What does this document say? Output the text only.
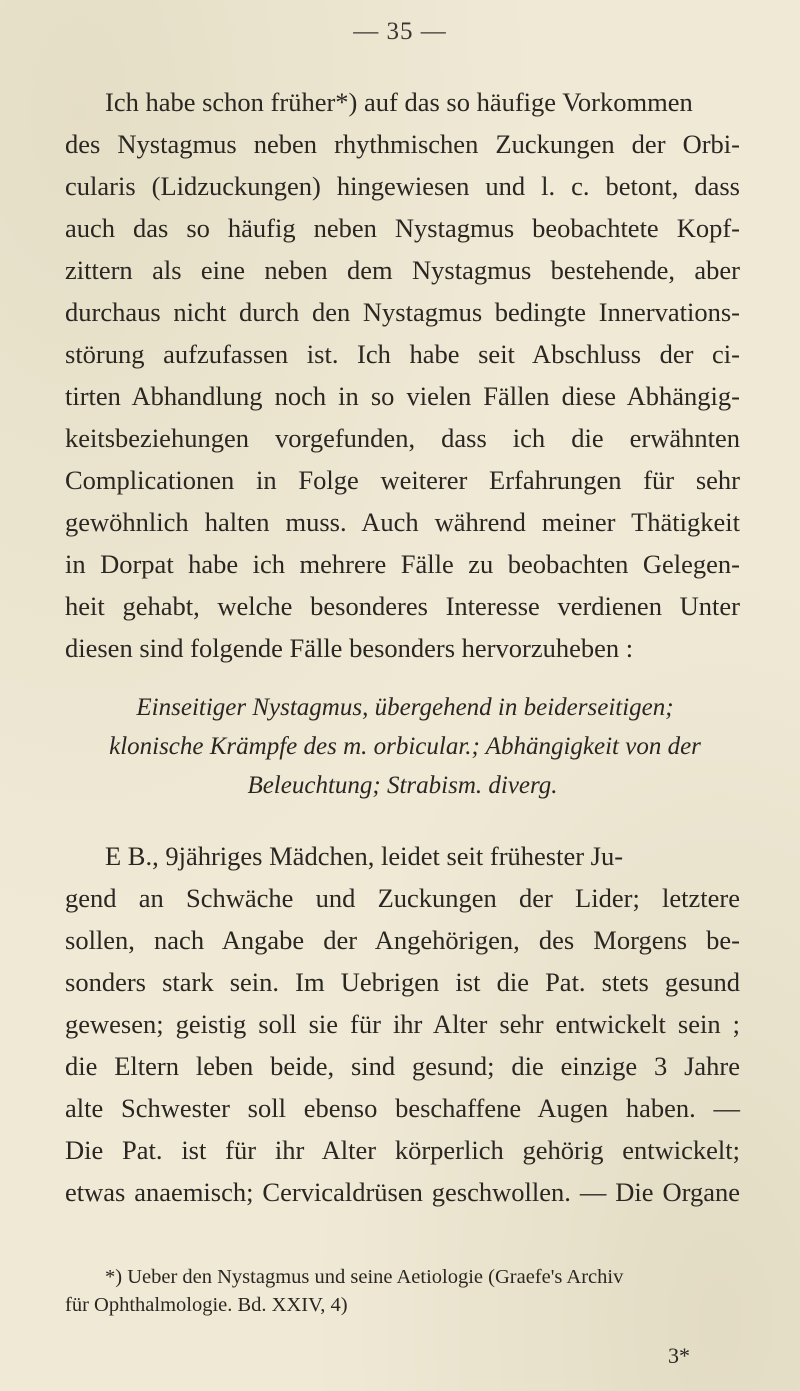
— 35 —
Ich habe schon früher*) auf das so häufige Vorkommen
des Nystagmus neben rhythmischen Zuckungen der Orbi-
cularis (Lidzuckungen) hingewiesen und l. c. betont, dass
auch das so häufig neben Nystagmus beobachtete Kopf-
zittern als eine neben dem Nystagmus bestehende, aber
durchaus nicht durch den Nystagmus bedingte Innervations-
störung aufzufassen ist. Ich habe seit Abschluss der ci-
tirten Abhandlung noch in so vielen Fällen diese Abhängig-
keitsbeziehungen vorgefunden, dass ich die erwähnten
Complicationen in Folge weiterer Erfahrungen für sehr
gewöhnlich halten muss. Auch während meiner Thätigkeit
in Dorpat habe ich mehrere Fälle zu beobachten Gelegen-
heit gehabt, welche besonderes Interesse verdienen Unter
diesen sind folgende Fälle besonders hervorzuheben :
Einseitiger Nystagmus, übergehend in beiderseitigen;
klonische Krämpfe des m. orbicular.; Abhängigkeit von der
Beleuchtung; Strabism. diverg.
E B., 9jähriges Mädchen, leidet seit frühester Ju-
gend an Schwäche und Zuckungen der Lider; letztere
sollen, nach Angabe der Angehörigen, des Morgens be-
sonders stark sein. Im Uebrigen ist die Pat. stets gesund
gewesen; geistig soll sie für ihr Alter sehr entwickelt sein ;
die Eltern leben beide, sind gesund; die einzige 3 Jahre
alte Schwester soll ebenso beschaffene Augen haben. —
Die Pat. ist für ihr Alter körperlich gehörig entwickelt;
etwas anaemisch; Cervicaldrüsen geschwollen. — Die Organe
*) Ueber den Nystagmus und seine Aetiologie (Graefe's Archiv
für Ophthalmologie. Bd. XXIV, 4)
3*
